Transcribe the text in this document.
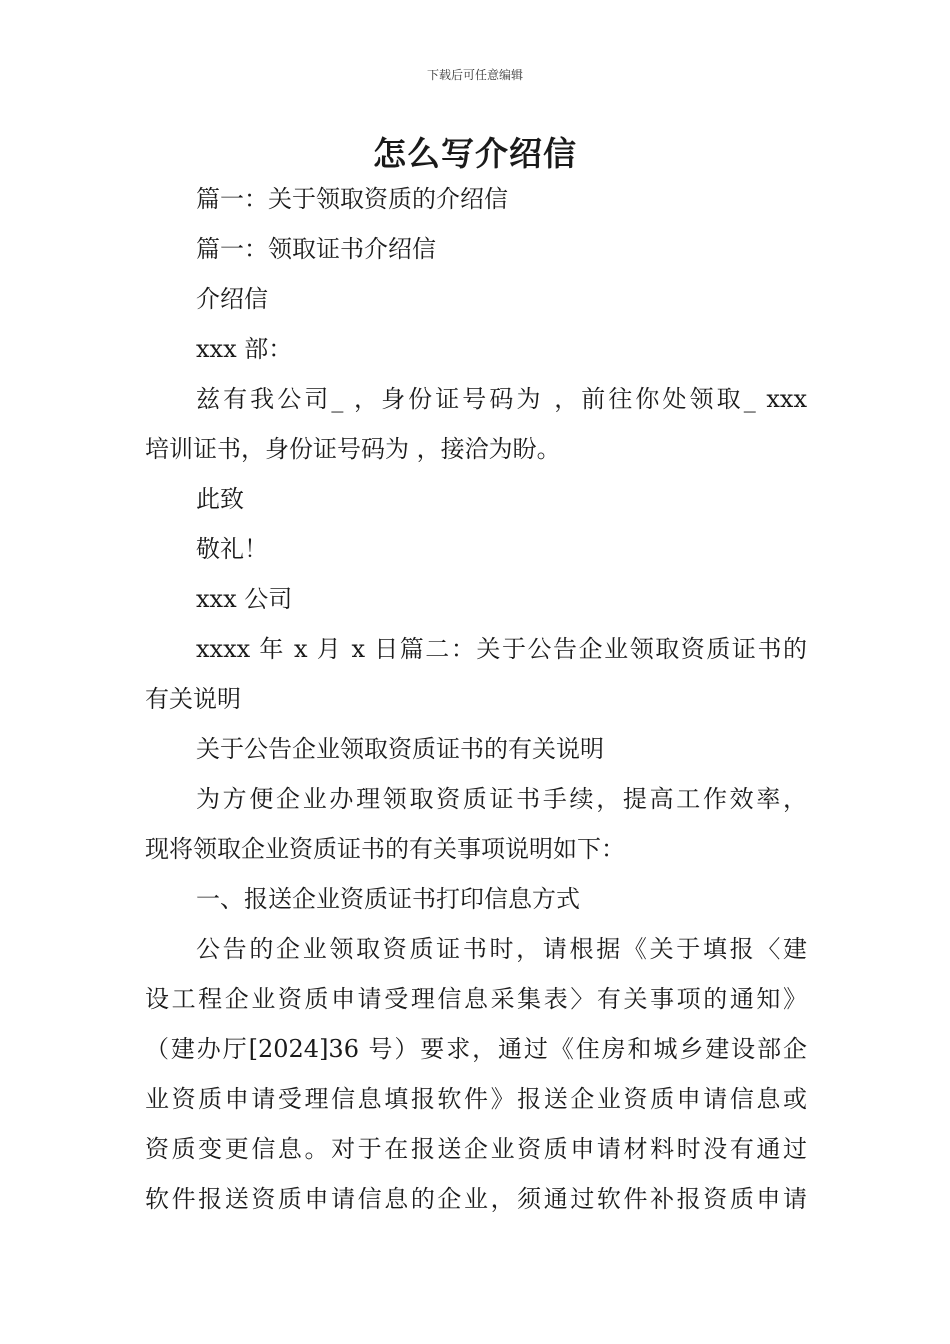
下载后可任意编辑
怎么写介绍信
篇一：关于领取资质的介绍信
篇一：领取证书介绍信
介绍信
xxx 部：
兹有我公司_ ，身份证号码为 ，前往你处领取_ xxx
培训证书，身份证号码为 ，接洽为盼。
此致
敬礼！
xxx 公司
xxxx 年 x 月 x 日篇二：关于公告企业领取资质证书的
有关说明
关于公告企业领取资质证书的有关说明
为方便企业办理领取资质证书手续，提高工作效率，
现将领取企业资质证书的有关事项说明如下：
一、报送企业资质证书打印信息方式
公告的企业领取资质证书时，请根据《关于填报〈建
设工程企业资质申请受理信息采集表〉有关事项的通知》
（建办厅[2024]36 号）要求，通过《住房和城乡建设部企
业资质申请受理信息填报软件》报送企业资质申请信息或
资质变更信息。对于在报送企业资质申请材料时没有通过
软件报送资质申请信息的企业，须通过软件补报资质申请
